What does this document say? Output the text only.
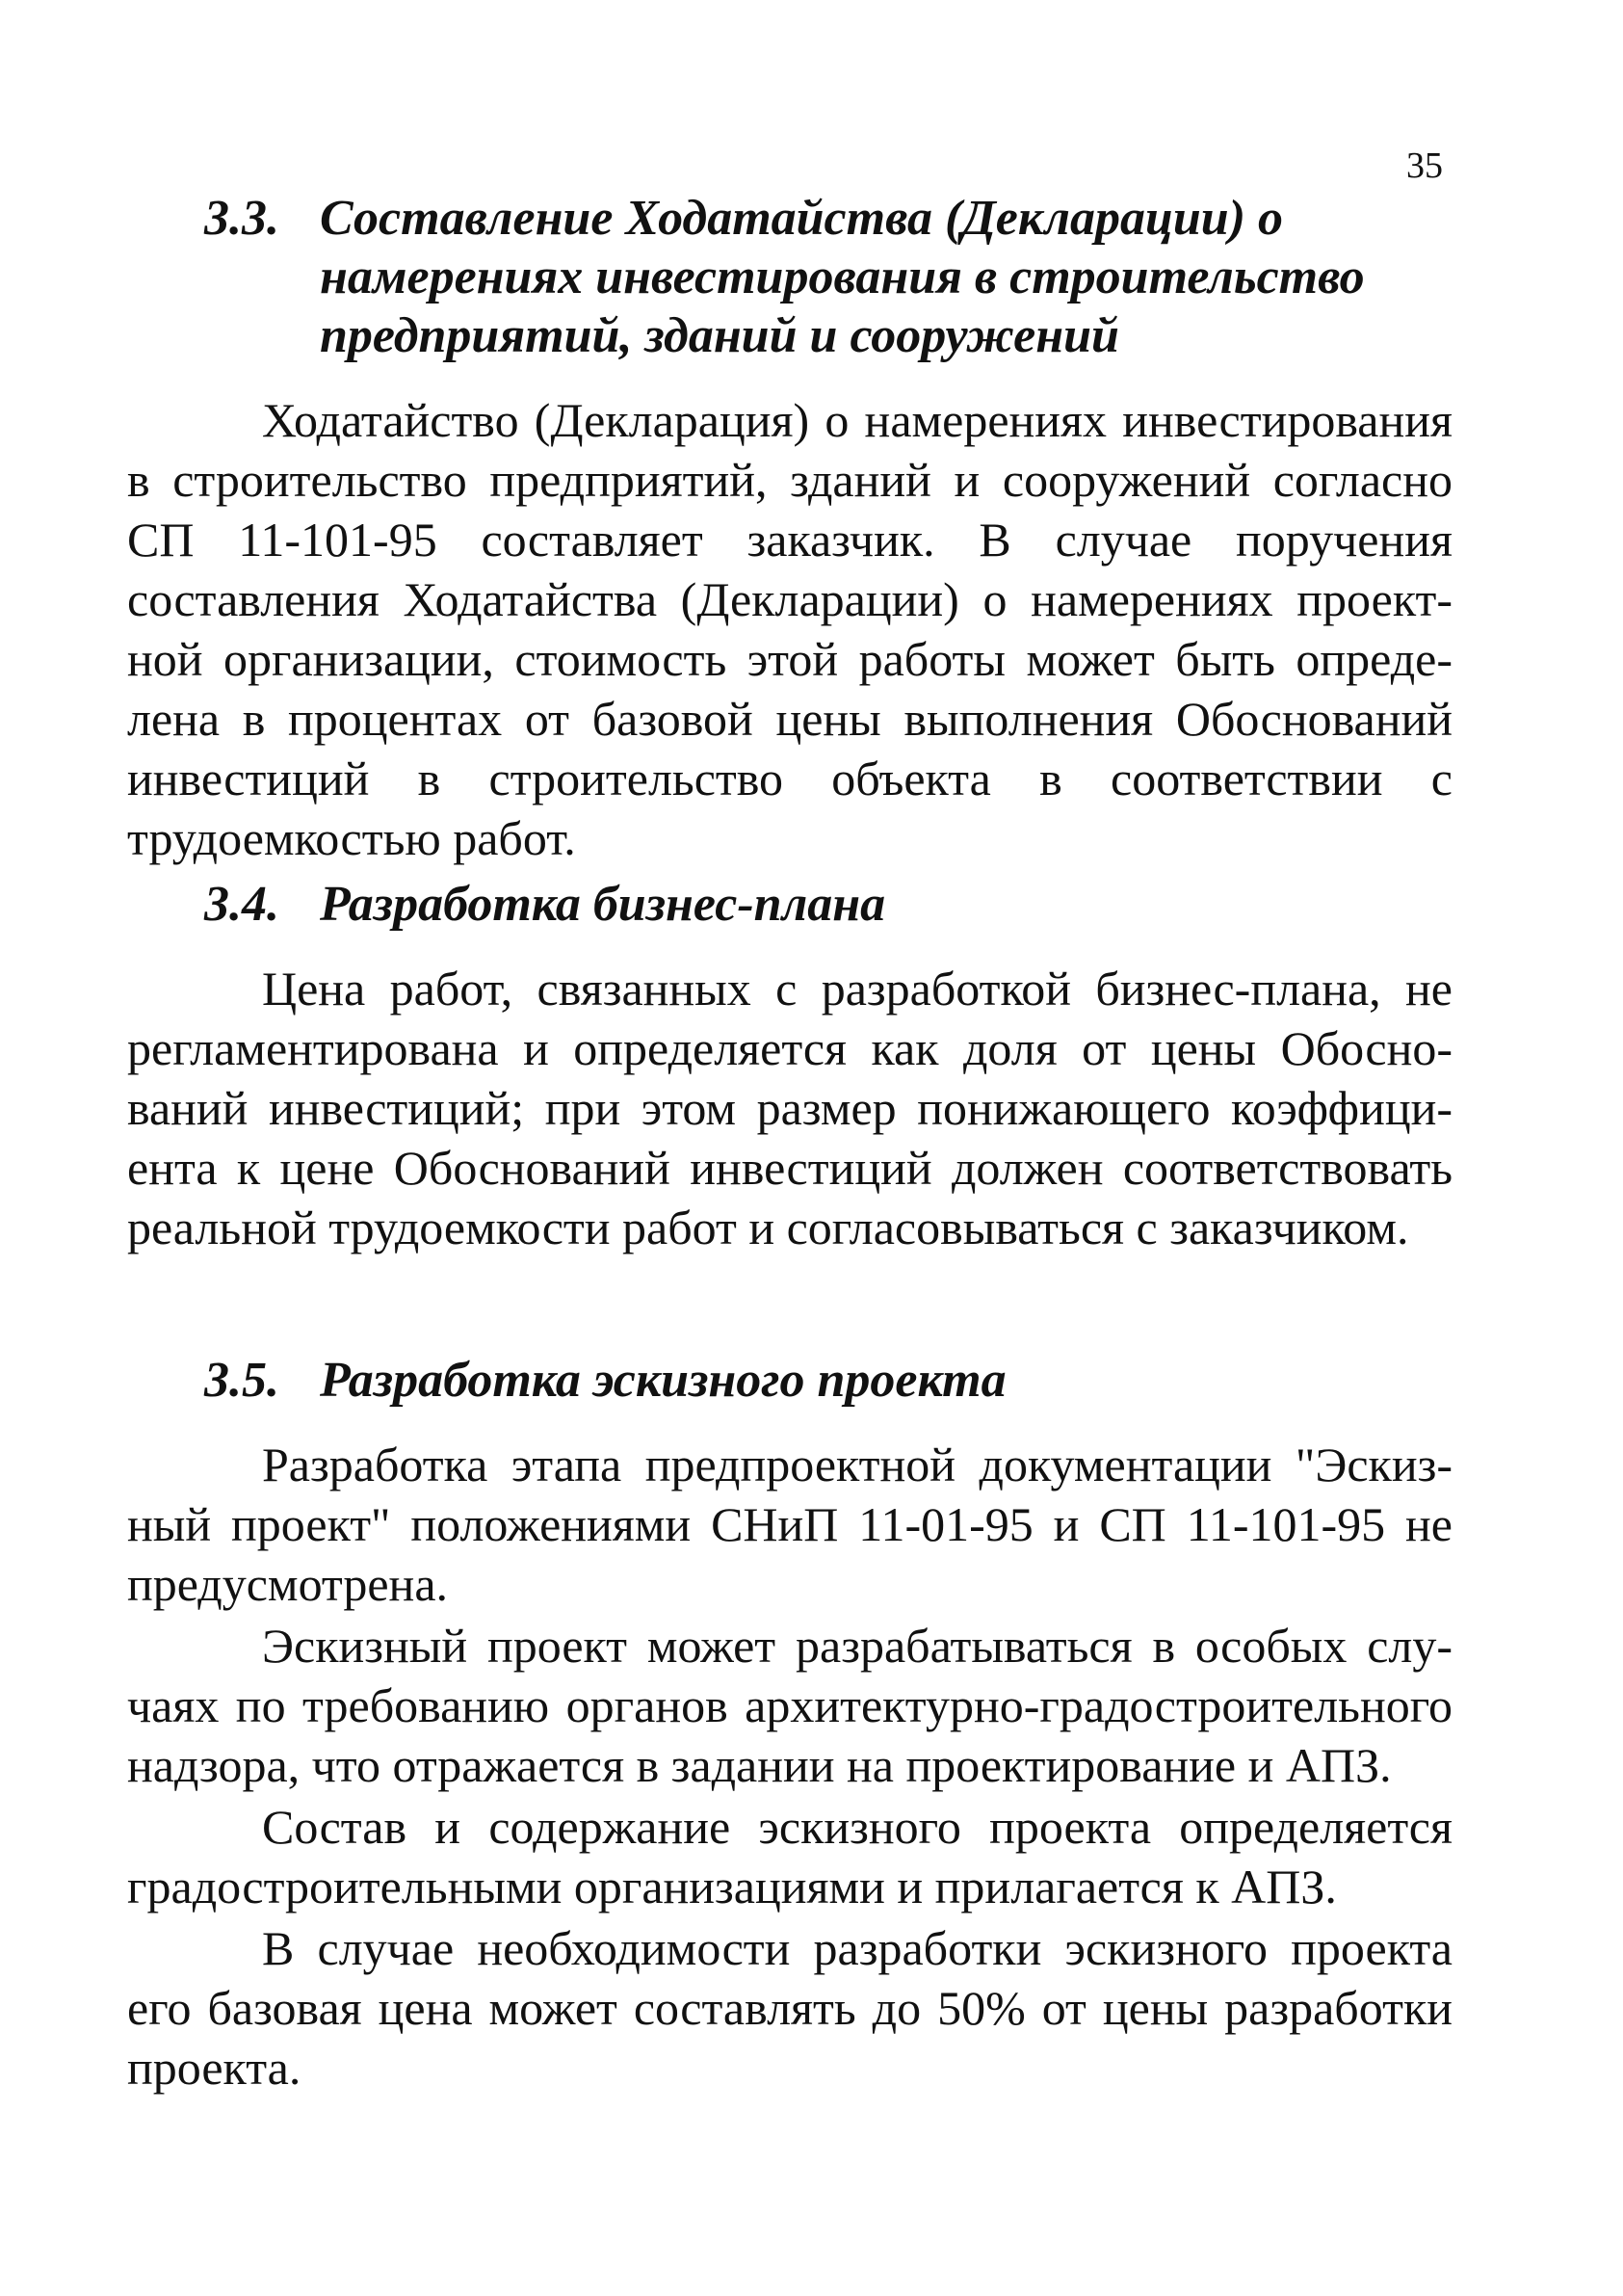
35
3.3. Составление Ходатайства (Декларации) о намерениях инвестирования в строительство предприятий, зданий и сооружений

Ходатайство (Декларация) о намерениях инвестирования в строительство предприятий, зданий и сооружений согласно СП 11-101-95 составляет заказчик. В случае поручения составления Ходатайства (Декларации) о намерениях проектной организации, стоимость этой работы может быть определена в процентах от базовой цены выполнения Обоснований инвестиций в строительство объекта в соответствии с трудоемкостью работ.

3.4. Разработка бизнес-плана

Цена работ, связанных с разработкой бизнес-плана, не регламентирована и определяется как доля от цены Обоснований инвестиций; при этом размер понижающего коэффициента к цене Обоснований инвестиций должен соответствовать реальной трудоемкости работ и согласовываться с заказчиком.

3.5. Разработка эскизного проекта

Разработка этапа предпроектной документации "Эскизный проект" положениями СНиП 11-01-95 и СП 11-101-95 не предусмотрена.

Эскизный проект может разрабатываться в особых случаях по требованию органов архитектурно-градостроительного надзора, что отражается в задании на проектирование и АПЗ.

Состав и содержание эскизного проекта определяется градостроительными организациями и прилагается к АПЗ.

В случае необходимости разработки эскизного проекта его базовая цена может составлять до 50% от цены разработки проекта.
